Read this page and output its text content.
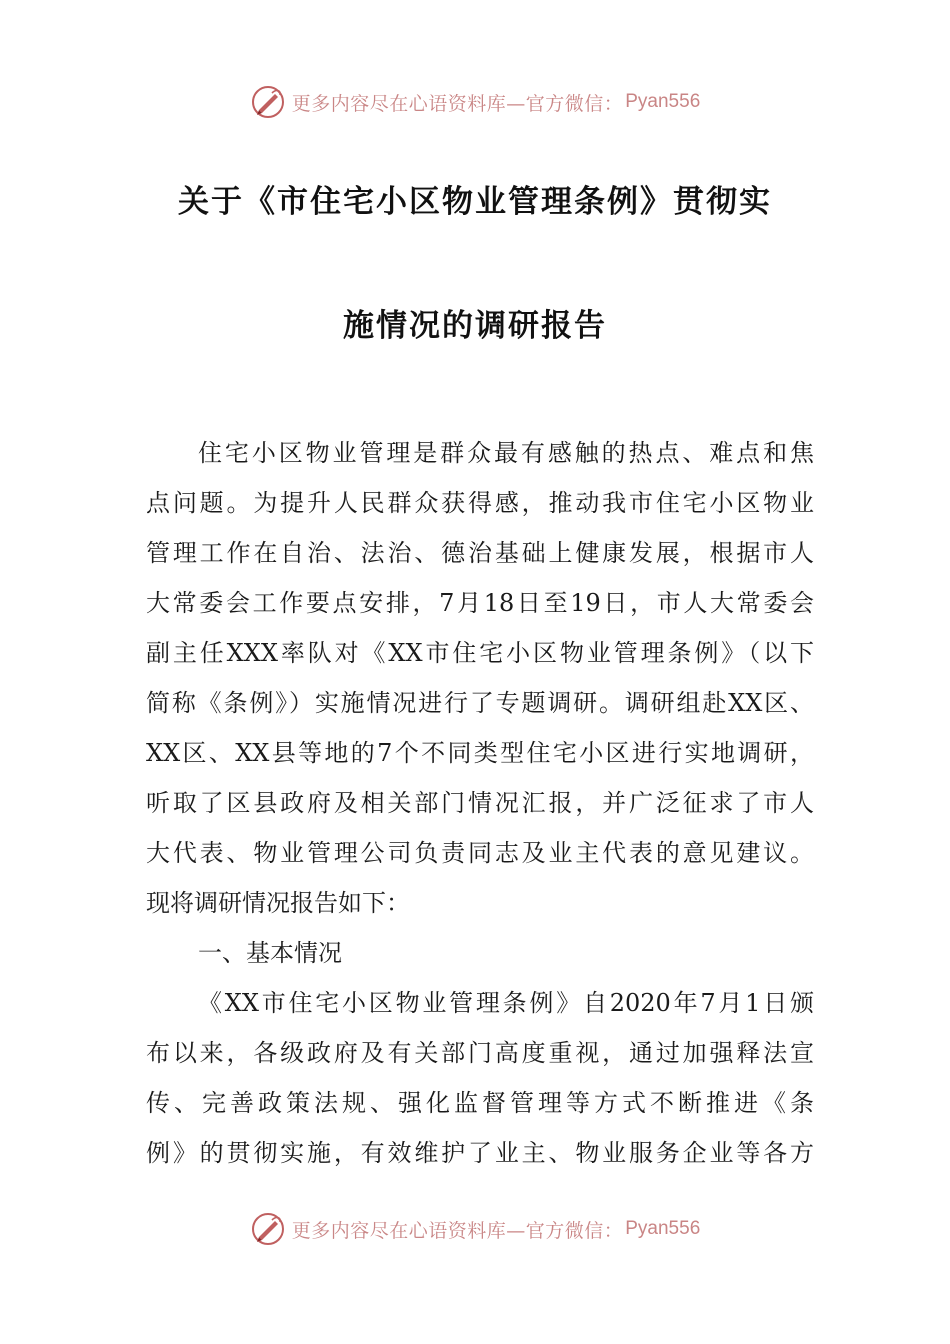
更多内容尽在心语资料库—官方微信： Pyan556
关于《市住宅小区物业管理条例》贯彻实
施情况的调研报告
住宅小区物业管理是群众最有感触的热点、难点和焦
点问题。为提升人民群众获得感，推动我市住宅小区物业
管理工作在自治、法治、德治基础上健康发展，根据市人
大常委会工作要点安排，7月18日至19日，市人大常委会
副主任XXX率队对《XX市住宅小区物业管理条例》（以下
简称《条例》）实施情况进行了专题调研。调研组赴XX区、
XX区、XX县等地的7个不同类型住宅小区进行实地调研，
听取了区县政府及相关部门情况汇报，并广泛征求了市人
大代表、物业管理公司负责同志及业主代表的意见建议。
现将调研情况报告如下：
一、基本情况
《XX市住宅小区物业管理条例》自2020年7月1日颁
布以来，各级政府及有关部门高度重视，通过加强释法宣
传、完善政策法规、强化监督管理等方式不断推进《条
例》的贯彻实施，有效维护了业主、物业服务企业等各方
更多内容尽在心语资料库—官方微信： Pyan556
